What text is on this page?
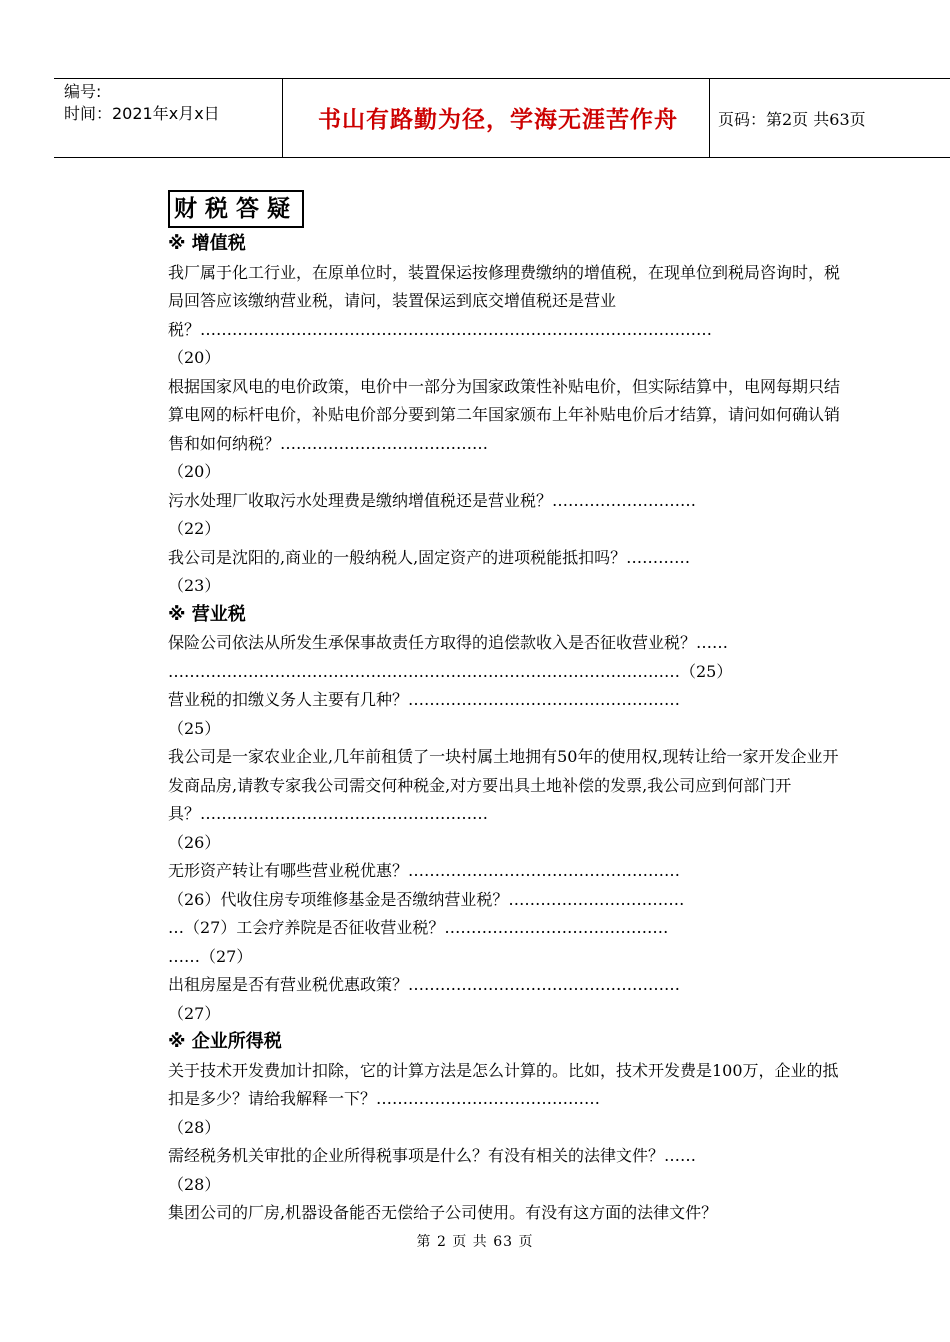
编号:
时间：2021年x月x日	书山有路勤为径，学海无涯苦作舟	页码：第2页 共63页
财税答疑
※ 增值税

我厂属于化工行业，在原单位时，装置保运按修理费缴纳的增值税，在现单位到税局咨询时，税局回答应该缴纳营业税，请问，装置保运到底交增值税还是营业税？……………………………………………………………………………………

（20）

根据国家风电的电价政策，电价中一部分为国家政策性补贴电价，但实际结算中，电网每期只结算电网的标杆电价，补贴电价部分要到第二年国家颁布上年补贴电价后才结算，请问如何确认销售和如何纳税？…………………………………

（20）

污水处理厂收取污水处理费是缴纳增值税还是营业税？………………………

（22）

我公司是沈阳的,商业的一般纳税人,固定资产的进项税能抵扣吗？…………

（23）

※ 营业税

保险公司依法从所发生承保事故责任方取得的追偿款收入是否征收营业税？……

……………………………………………………………………………………（25）

营业税的扣缴义务人主要有几种？……………………………………………

（25）

我公司是一家农业企业,几年前租赁了一块村属土地拥有50年的使用权,现转让给一家开发企业开发商品房,请教专家我公司需交何种税金,对方要出具土地补偿的发票,我公司应到何部门开具？………………………………………………

（26）

无形资产转让有哪些营业税优惠？……………………………………………

（26）代收住房专项维修基金是否缴纳营业税？……………………………

…（27）工会疗养院是否征收营业税？……………………………………

……（27）

出租房屋是否有营业税优惠政策？……………………………………………

（27）

※ 企业所得税

关于技术开发费加计扣除，它的计算方法是怎么计算的。比如，技术开发费是100万，企业的抵扣是多少？请给我解释一下？……………………………………

（28）

需经税务机关审批的企业所得税事项是什么？有没有相关的法律文件？……

（28）

集团公司的厂房,机器设备能否无偿给子公司使用。有没有这方面的法律文件？

第 2 页 共 63 页
